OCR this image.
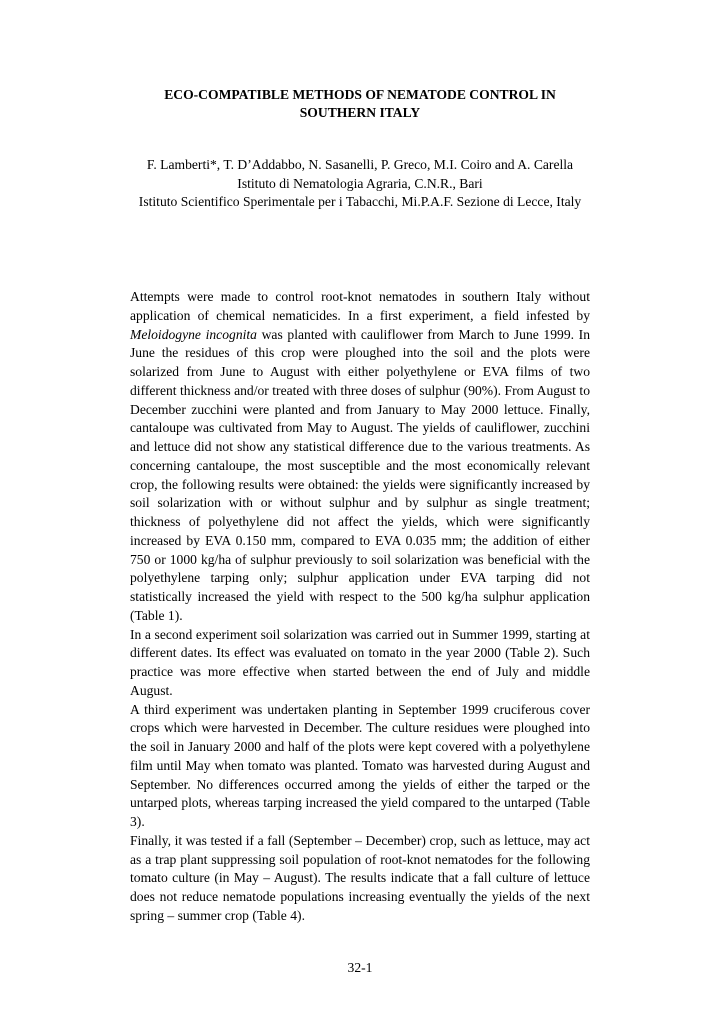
ECO-COMPATIBLE METHODS OF NEMATODE CONTROL IN SOUTHERN ITALY
F. Lamberti*, T. D’Addabbo, N. Sasanelli, P. Greco, M.I. Coiro and A. Carella
Istituto di Nematologia Agraria, C.N.R., Bari
Istituto Scientifico Sperimentale per i Tabacchi, Mi.P.A.F. Sezione di Lecce, Italy

Attempts were made to control root-knot nematodes in southern Italy without application of chemical nematicides. In a first experiment, a field infested by Meloidogyne incognita was planted with cauliflower from March to June 1999. In June the residues of this crop were ploughed into the soil and the plots were solarized from June to August with either polyethylene or EVA films of two different thickness and/or treated with three doses of sulphur (90%). From August to December zucchini were planted and from January to May 2000 lettuce. Finally, cantaloupe was cultivated from May to August. The yields of cauliflower, zucchini and lettuce did not show any statistical difference due to the various treatments. As concerning cantaloupe, the most susceptible and the most economically relevant crop, the following results were obtained: the yields were significantly increased by soil solarization with or without sulphur and by sulphur as single treatment; thickness of polyethylene did not affect the yields, which were significantly increased by EVA 0.150 mm, compared to EVA 0.035 mm; the addition of either 750 or 1000 kg/ha of sulphur previously to soil solarization was beneficial with the polyethylene tarping only; sulphur application under EVA tarping did not statistically increased the yield with respect to the 500 kg/ha sulphur application (Table 1).

In a second experiment soil solarization was carried out in Summer 1999, starting at different dates. Its effect was evaluated on tomato in the year 2000 (Table 2). Such practice was more effective when started between the end of July and middle August.

A third experiment was undertaken planting in September 1999 cruciferous cover crops which were harvested in December. The culture residues were ploughed into the soil in January 2000 and half of the plots were kept covered with a polyethylene film until May when tomato was planted. Tomato was harvested during August and September. No differences occurred among the yields of either the tarped or the untarped plots, whereas tarping increased the yield compared to the untarped (Table 3).

Finally, it was tested if a fall (September – December) crop, such as lettuce, may act as a trap plant suppressing soil population of root-knot nematodes for the following tomato culture (in May – August). The results indicate that a fall culture of lettuce does not reduce nematode populations increasing eventually the yields of the next spring – summer crop (Table 4).

32-1
